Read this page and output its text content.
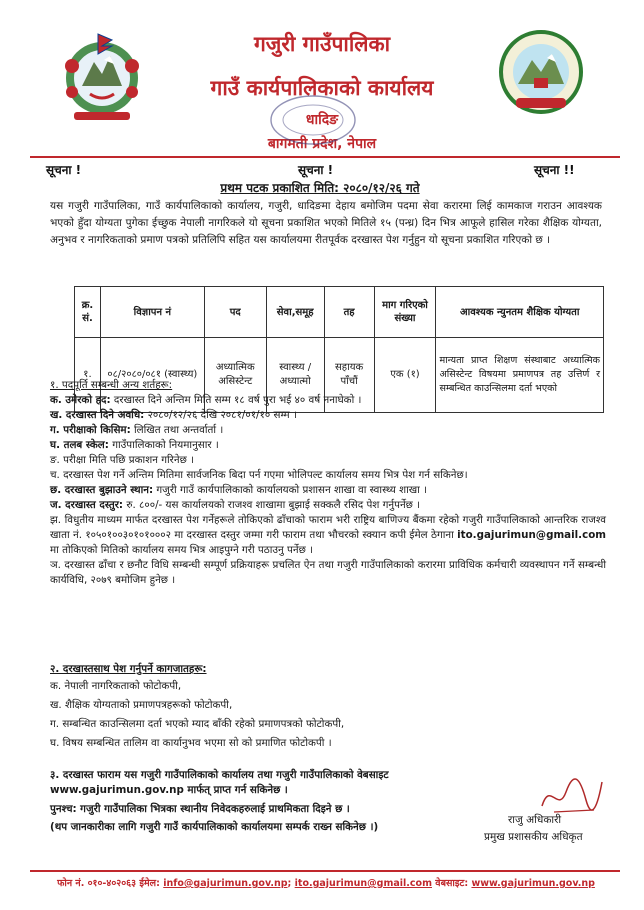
गजुरी गाउँपालिका
गाउँ कार्यपालिकाको कार्यालय
धादिङ
बागमती प्रदेश, नेपाल
सूचना !	सूचना !	सूचना !!
प्रथम पटक प्रकाशित मिति: २०८०/१२/२६ गते
यस गजुरी गाउँपालिका, गाउँ कार्यपालिकाको कार्यालय, गजुरी, धादिङमा देहाय बमोजिम पदमा सेवा करारमा लिई कामकाज गराउन आवश्यक भएको हुँदा योग्यता पुगेका ईच्छुक नेपाली नागरिकले यो सूचना प्रकाशित भएको मितिले १५ (पन्ध्र) दिन भित्र आफूले हासिल गरेका शैक्षिक योग्यता, अनुभव र नागरिकताको प्रमाण पत्रको प्रतिलिपि सहित यस कार्यालयमा रीतपूर्वक दरखास्त पेश गर्नुहुन यो सूचना प्रकाशित गरिएको छ ।
क्र. सं.	विज्ञापन नं	पद	सेवा,समूह	तह	माग गरिएको संख्या	आवश्यक न्युनतम शैक्षिक योग्यता
१.	०८/२०८०/०८१ (स्वास्थ्य)	अध्यात्मिक असिस्टेन्ट	स्वास्थ्य / अध्यात्मो	सहायक पाँचौं	एक (१)	मान्यता प्राप्त शिक्षण संस्थाबाट अध्यात्मिक असिस्टेन्ट विषयमा प्रमाणपत्र तह उत्तिर्ण र सम्बन्धित काउन्सिलमा दर्ता भएको
१. पदपूर्ति सम्बन्धी अन्य शर्तहरू:
क. उमेरको हद: दरखास्त दिने अन्तिम मिति सम्म १८ वर्ष पुरा भई ४० वर्ष ननाघेको ।
ख. दरखास्त दिने अवधि: २०८०/१२/२६ देखि २०८१/०१/१० सम्म ।
ग. परीक्षाको किसिम: लिखित तथा अन्तर्वार्ता ।
घ. तलब स्केल: गाउँपालिकाको नियमानुसार ।
ङ. परीक्षा मिति पछि प्रकाशन गरिनेछ ।
च. दरखास्त पेश गर्ने अन्तिम मितिमा सार्वजनिक बिदा पर्न गएमा भोलिपल्ट कार्यालय समय भित्र पेश गर्न सकिनेछ।
छ. दरखास्त बुझाउने स्थान: गजुरी गाउँ कार्यपालिकाको कार्यालयको प्रशासन शाखा वा स्वास्थ्य शाखा ।
ज. दरखास्त दस्तुर: रु. ८००/- यस कार्यालयको राजश्व शाखामा बुझाई सक्कलै रसिद पेश गर्नुपर्नेछ ।
झ. विधुतीय माध्यम मार्फत दरखास्त पेश गर्नेहरूले तोकिएको ढाँचाको फाराम भरी राष्ट्रिय बाणिज्य बैंकमा रहेको गजुरी गाउँपालिकाको आन्तरिक राजश्व खाता नं. १०५०१००३०१०१०००२ मा दरखास्त दस्तुर जम्मा गरी फाराम तथा भौचरको स्क्यान कपी ईमेल ठेगाना ito.gajurimun@gmail.com मा तोकिएको मितिको कार्यालय समय भित्र आइपुग्ने गरी पठाउनु पर्नेछ ।
ञ. दरखास्त ढाँचा र छनौट विधि सम्बन्धी सम्पूर्ण प्रक्रियाहरू प्रचलित ऐन तथा गजुरी गाउँपालिकाको करारमा प्राविधिक कर्मचारी व्यवस्थापन गर्ने सम्बन्धी कार्यविधि, २०७९ बमोजिम हुनेछ ।
२. दरखास्तसाथ पेश गर्नुपर्ने कागजातहरू:
क. नेपाली नागरिकताको फोटोकपी,
ख. शैक्षिक योग्यताको प्रमाणपत्रहरूको फोटोकपी,
ग. सम्बन्धित काउन्सिलमा दर्ता भएको म्याद बाँकी रहेको प्रमाणपत्रको फोटोकपी,
घ. विषय सम्बन्धित तालिम वा कार्यानुभव भएमा सो को प्रमाणित फोटोकपी ।
३. दरखास्त फाराम यस गजुरी गाउँपालिकाको कार्यालय तथा गजुरी गाउँपालिकाको वेबसाइट www.gajurimun.gov.np मार्फत् प्राप्त गर्न सकिनेछ ।
पुनश्च: गजुरी गाउँपालिका भित्रका स्थानीय निवेदकहरुलाई प्राथमिकता दिइने छ ।
(थप जानकारीका लागि गजुरी गाउँ कार्यपालिकाको कार्यालयमा सम्पर्क राख्न सकिनेछ ।)
राजु अधिकारी
प्रमुख प्रशासकीय अधिकृत
फोन नं. ०१०-४०२०६३ ईमेल: info@gajurimun.gov.np; ito.gajurimun@gmail.com वेबसाइट: www.gajurimun.gov.np
